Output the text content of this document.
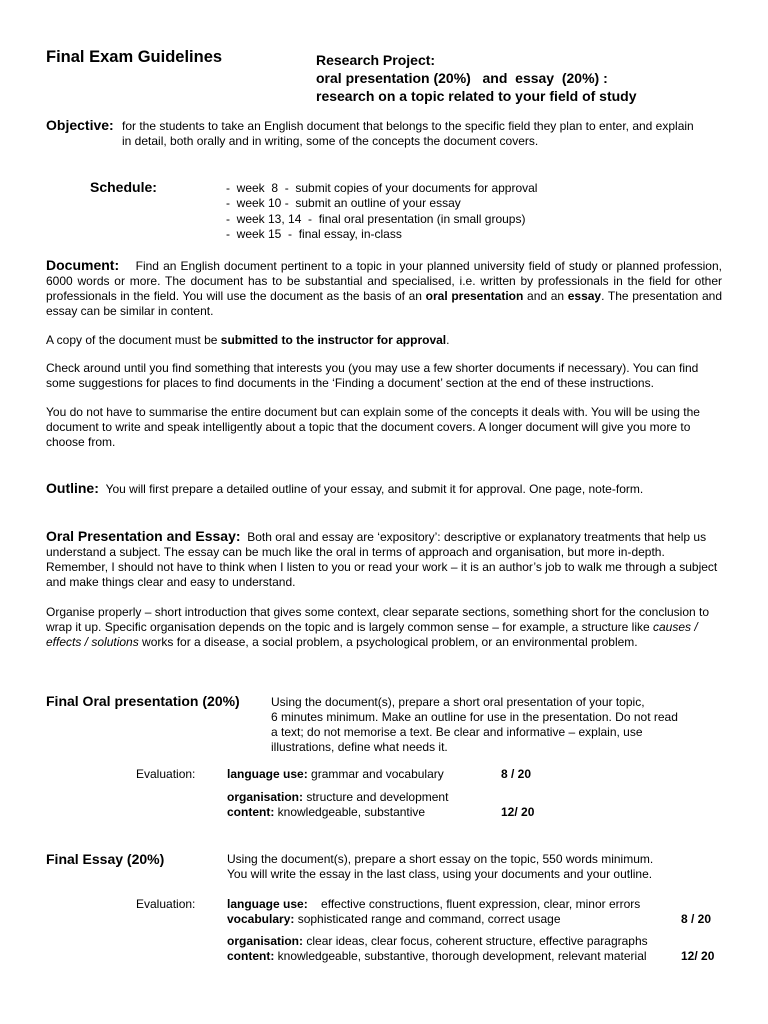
Final Exam Guidelines	Research Project:
oral presentation (20%)   and  essay  (20%) :
research on a topic related to your field of study
Objective: for the students to take an English document that belongs to the specific field they plan to enter, and explain
in detail, both orally and in writing, some of the concepts the document covers.
Schedule:	-  week  8  -  submit copies of your documents for approval
-  week 10 -  submit an outline of your essay
-  week 13, 14  -  final oral presentation (in small groups)
-  week 15  -  final essay, in-class
Document: Find an English document pertinent to a topic in your planned university field of study or planned profession, 6000 words or more. The document has to be substantial and specialised, i.e. written by professionals in the field for other professionals in the field. You will use the document as the basis of an oral presentation and an essay. The presentation and essay can be similar in content.
A copy of the document must be submitted to the instructor for approval.
Check around until you find something that interests you (you may use a few shorter documents if necessary). You can find some suggestions for places to find documents in the ‘Finding a document’ section at the end of these instructions.
You do not have to summarise the entire document but can explain some of the concepts it deals with. You will be using the document to write and speak intelligently about a topic that the document covers. A longer document will give you more to choose from.
Outline: You will first prepare a detailed outline of your essay, and submit it for approval. One page, note-form.
Oral Presentation and Essay: Both oral and essay are ‘expository’: descriptive or explanatory treatments that help us understand a subject. The essay can be much like the oral in terms of approach and organisation, but more in-depth. Remember, I should not have to think when I listen to you or read your work – it is an author’s job to walk me through a subject and make things clear and easy to understand.
Organise properly – short introduction that gives some context, clear separate sections, something short for the conclusion to wrap it up. Specific organisation depends on the topic and is largely common sense – for example, a structure like causes / effects / solutions works for a disease, a social problem, a psychological problem, or an environmental problem.
Final Oral presentation (20%)	Using the document(s), prepare a short oral presentation of your topic,
6 minutes minimum. Make an outline for use in the presentation. Do not read
a text; do not memorise a text. Be clear and informative – explain, use
illustrations, define what needs it.
Evaluation:	language use: grammar and vocabulary	8 / 20
organisation: structure and development
content: knowledgeable, substantive	12/ 20
Final Essay (20%)	Using the document(s), prepare a short essay on the topic, 550 words minimum.
You will write the essay in the last class, using your documents and your outline.
Evaluation:	language use:    effective constructions, fluent expression, clear, minor errors
vocabulary: sophisticated range and command, correct usage	8 / 20
organisation: clear ideas, clear focus, coherent structure, effective paragraphs
content: knowledgeable, substantive, thorough development, relevant material	12/ 20
